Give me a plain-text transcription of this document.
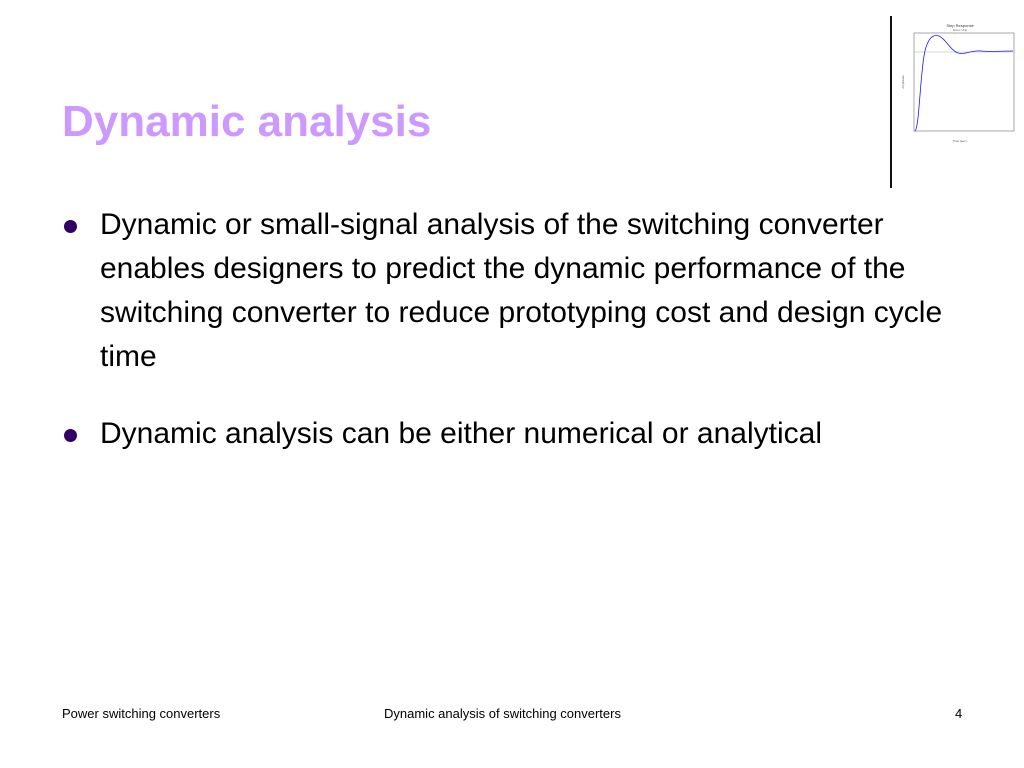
Dynamic analysis
Step Response
From: U(1)
Amplitude
Time (sec.)
Dynamic or small-signal analysis of the switching converter enables designers to predict the dynamic performance of the switching converter to reduce prototyping cost and design cycle time
Dynamic analysis can be either numerical or analytical
Power switching converters	Dynamic analysis of switching converters	4
